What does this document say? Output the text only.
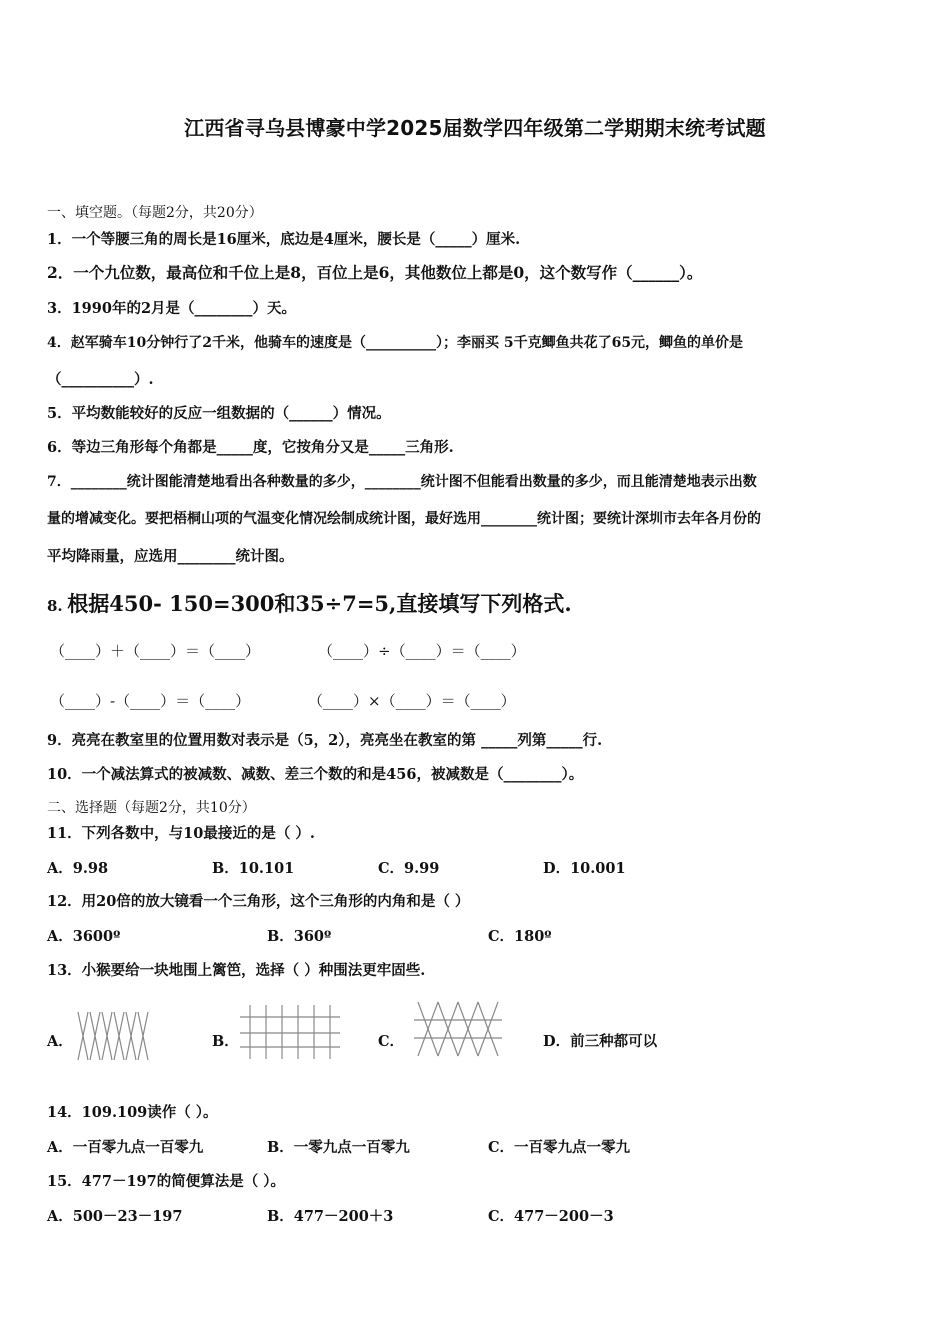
江西省寻乌县博豪中学2025届数学四年级第二学期期末统考试题
一、填空题。（每题2分，共20分）
1．一个等腰三角的周长是16厘米，底边是4厘米，腰长是（_____）厘米.
2．一个九位数，最高位和千位上是8，百位上是6，其他数位上都是0，这个数写作（______）。
3．1990年的2月是（________）天。
4．赵军骑车10分钟行了2千米，他骑车的速度是（__________）；李丽买 5千克鲫鱼共花了65元，鲫鱼的单价是
（__________）.
5．平均数能较好的反应一组数据的（______）情况。
6．等边三角形每个角都是_____度，它按角分又是_____三角形.
7．________统计图能清楚地看出各种数量的多少，________统计图不但能看出数量的多少，而且能清楚地表示出数
量的增减变化。要把梧桐山项的气温变化情况绘制成统计图，最好选用________统计图；要统计深圳市去年各月份的
平均降雨量，应选用________统计图。
8. 根据450- 150=300和35÷7=5,直接填写下列格式.
（____）＋（____）＝（____）	（____）÷（____）＝（____）
（____）-（____）＝（____）	（____）×（____）＝（____）
9．亮亮在教室里的位置用数对表示是（5，2），亮亮坐在教室的第 _____列第_____行.
10．一个减法算式的被减数、减数、差三个数的和是456，被减数是（________）。
二、选择题（每题2分，共10分）
11．下列各数中，与10最接近的是（ ）.
A．9.98	B．10.101	C．9.99	D．10.001
12．用20倍的放大镜看一个三角形，这个三角形的内角和是（ ）
A．3600º	B．360º	C．180º
13．小猴要给一块地围上篱笆，选择（ ）种围法更牢固些.
A．	B．	C．	D．前三种都可以
14．109.109读作（ ）。
A．一百零九点一百零九	B．一零九点一百零九	C．一百零九点一零九
15．477－197的简便算法是（ ）。
A．500－23－197	B．477－200＋3	C．477－200－3
